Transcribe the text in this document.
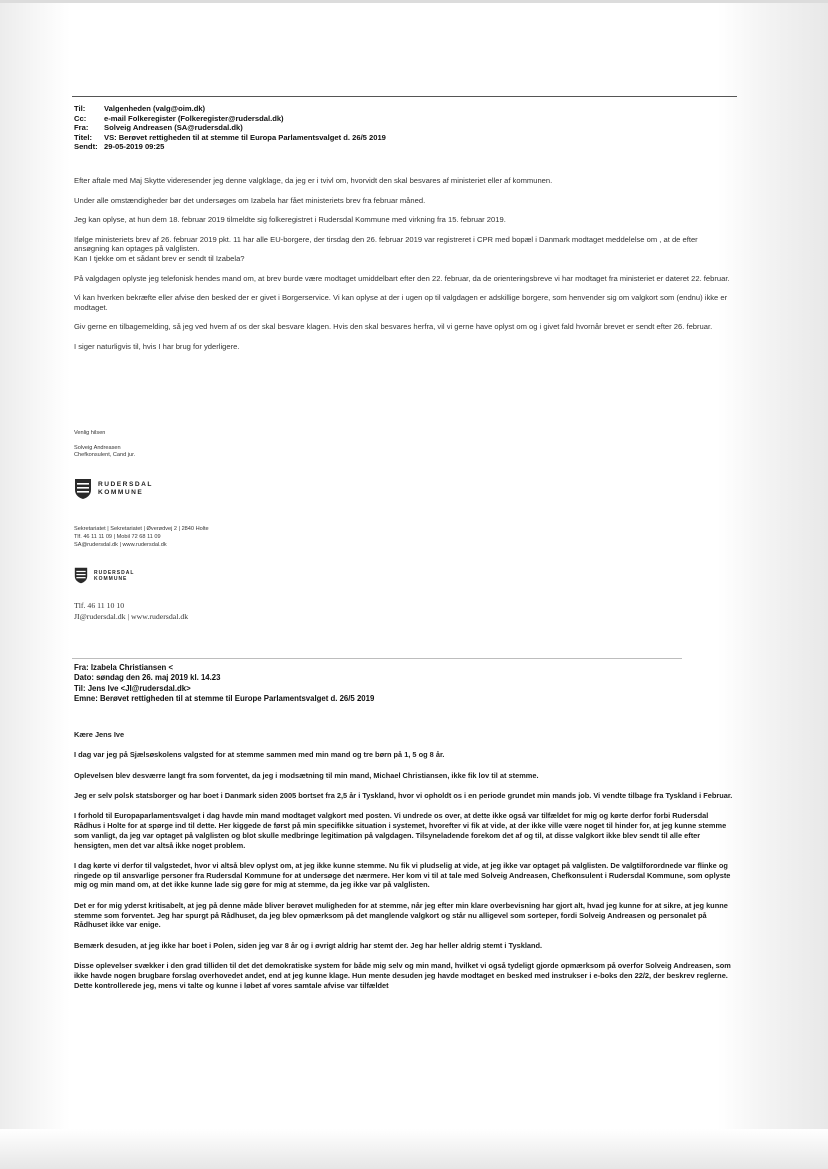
Til: Valgenheden (valg@oim.dk)
Cc: e-mail Folkeregister (Folkeregister@rudersdal.dk)
Fra: Solveig Andreasen (SA@rudersdal.dk)
Titel: VS: Berøvet rettigheden til at stemme til Europa Parlamentsvalget d. 26/5 2019
Sendt: 29-05-2019 09:25

Efter aftale med Maj Skytte videresender jeg denne valgklage, da jeg er i tvivl om, hvorvidt den skal besvares af ministeriet eller af kommunen.

Under alle omstændigheder bør det undersøges om Izabela har fået ministeriets brev fra februar måned.

Jeg kan oplyse, at hun dem 18. februar 2019 tilmeldte sig folkeregistret i Rudersdal Kommune med virkning fra 15. februar 2019.

Ifølge ministeriets brev af 26. februar 2019 pkt. 11 har alle EU-borgere, der tirsdag den 26. februar 2019 var registreret i CPR med bopæl i Danmark modtaget meddelelse om , at de efter ansøgning kan optages på valglisten.
Kan I tjekke om et sådant brev er sendt til Izabela?

På valgdagen oplyste jeg telefonisk hendes mand om, at brev burde være modtaget umiddelbart efter den 22. februar, da de orienteringsbreve vi har modtaget fra ministeriet er dateret 22. februar.

Vi kan hverken bekræfte eller afvise den besked der er givet i Borgerservice. Vi kan oplyse at der i ugen op til valgdagen er adskillige borgere, som henvender sig om valgkort som (endnu) ikke er modtaget.

Giv gerne en tilbagemelding, så jeg ved hvem af os der skal besvare klagen. Hvis den skal besvares herfra, vil vi gerne have oplyst om og i givet fald hvornår brevet er sendt efter 26. februar.

I siger naturligvis til, hvis I har brug for yderligere.

Venlig hilsen

Solveig Andreasen
Chefkonsulent, Cand jur.
RUDERSDAL
KOMMUNE
Sekretariatet | Sekretariatet | Øverødvej 2 | 2840 Holte
Tlf. 46 11 11 09 | Mobil 72 68 11 09
SA@rudersdal.dk | www.rudersdal.dk
RUDERSDAL
KOMMUNE
Tlf. 46 11 10 10
JI@rudersdal.dk | www.rudersdal.dk
Fra: Izabela Christiansen <
Dato: søndag den 26. maj 2019 kl. 14.23
Til: Jens Ive <JI@rudersdal.dk>
Emne: Berøvet rettigheden til at stemme til Europe Parlamentsvalget d. 26/5 2019

Kære Jens Ive

I dag var jeg på Sjælsøskolens valgsted for at stemme sammen med min mand og tre børn på 1, 5 og 8 år.

Oplevelsen blev desværre langt fra som forventet, da jeg i modsætning til min mand, Michael Christiansen, ikke fik lov til at stemme.

Jeg er selv polsk statsborger og har boet i Danmark siden 2005 bortset fra 2,5 år i Tyskland, hvor vi opholdt os i en periode grundet min mands job. Vi vendte tilbage fra Tyskland i Februar.

I forhold til Europaparlamentsvalget i dag havde min mand modtaget valgkort med posten. Vi undrede os over, at dette ikke også var tilfældet for mig og kørte derfor forbi Rudersdal Rådhus i Holte for at spørge ind til dette. Her kiggede de først på min specifikke situation i systemet, hvorefter vi fik at vide, at der ikke ville være noget til hinder for, at jeg kunne stemme som vanligt, da jeg var optaget på valglisten og blot skulle medbringe legitimation på valgdagen. Tilsyneladende forekom det af og til, at disse valgkort ikke blev sendt til alle efter hensigten, men det var altså ikke noget problem.

I dag kørte vi derfor til valgstedet, hvor vi altså blev oplyst om, at jeg ikke kunne stemme. Nu fik vi pludselig at vide, at jeg ikke var optaget på valglisten. De valgtilforordnede var flinke og ringede op til ansvarlige personer fra Rudersdal Kommune for at undersøge det nærmere. Her kom vi til at tale med Solveig Andreasen, Chefkonsulent i Rudersdal Kommune, som oplyste mig og min mand om, at det ikke kunne lade sig gøre for mig at stemme, da jeg ikke var på valglisten.

Det er for mig yderst kritisabelt, at jeg på denne måde bliver berøvet muligheden for at stemme, når jeg efter min klare overbevisning har gjort alt, hvad jeg kunne for at sikre, at jeg kunne stemme som forventet. Jeg har spurgt på Rådhuset, da jeg blev opmærksom på det manglende valgkort og står nu alligevel som sorteper, fordi Solveig Andreasen og personalet på Rådhuset ikke var enige.

Bemærk desuden, at jeg ikke har boet i Polen, siden jeg var 8 år og i øvrigt aldrig har stemt der. Jeg har heller aldrig stemt i Tyskland.

Disse oplevelser svækker i den grad tilliden til det det demokratiske system for både mig selv og min mand, hvilket vi også tydeligt gjorde opmærksom på overfor Solveig Andreasen, som ikke havde nogen brugbare forslag overhovedet andet, end at jeg kunne klage. Hun mente desuden jeg havde modtaget en besked med instrukser i e-boks den 22/2, der beskrev reglerne. Dette kontrollerede jeg, mens vi talte og kunne i løbet af vores samtale afvise var tilfældet
